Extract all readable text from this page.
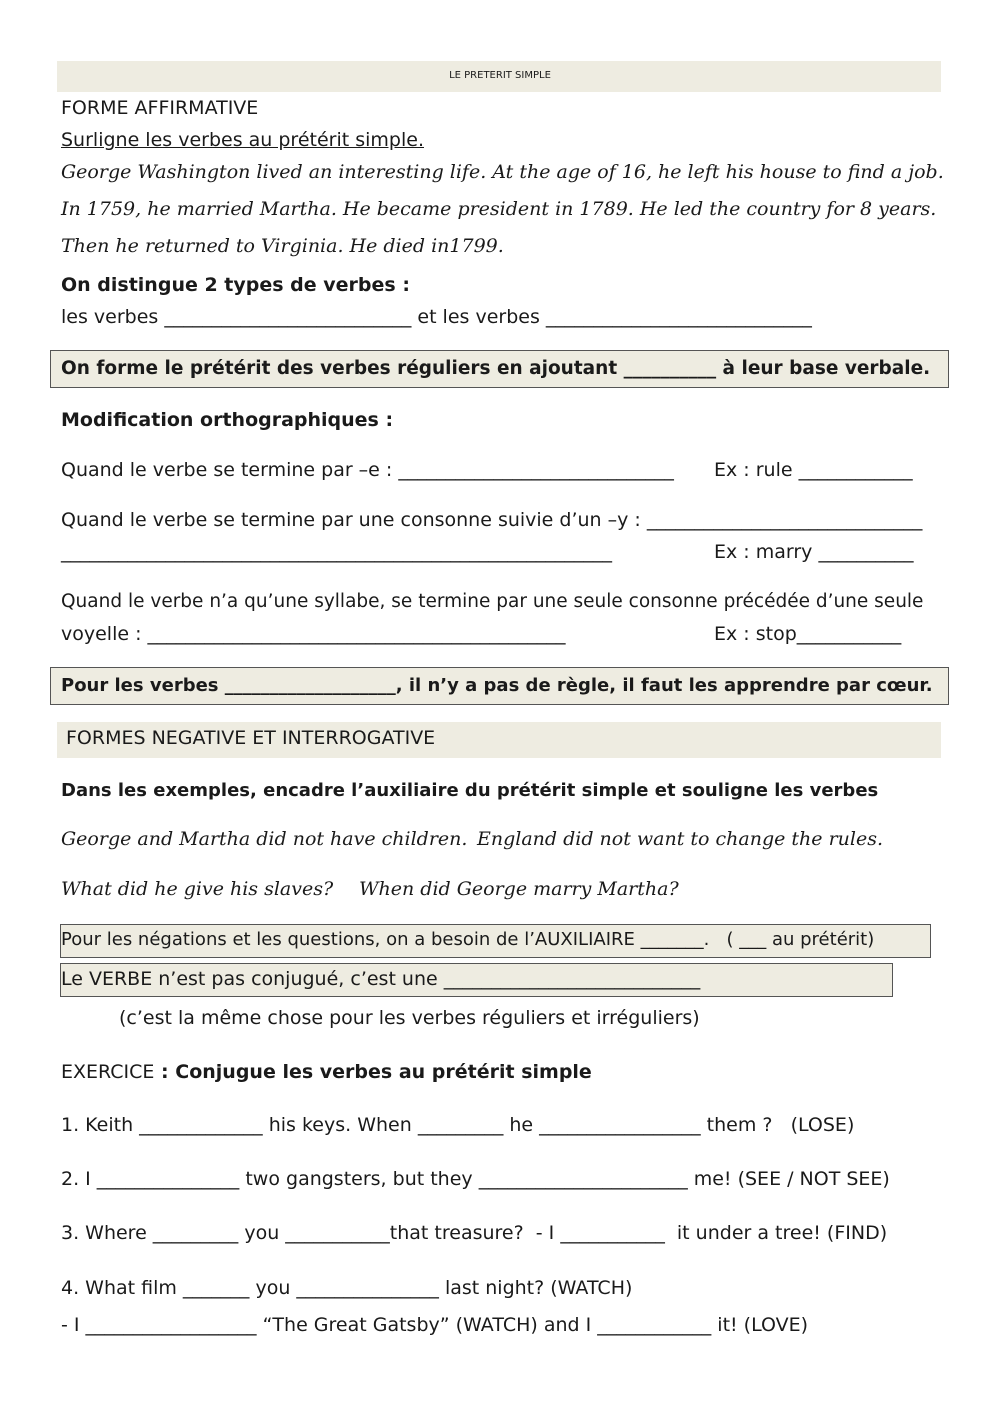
LE PRETERIT SIMPLE
FORME AFFIRMATIVE
Surligne les verbes au prétérit simple.
George Washington lived an interesting life. At the age of 16, he left his house to find a job.
In 1759, he married Martha. He became president in 1789. He led the country for 8 years.
Then he returned to Virginia. He died in1799.
On distingue 2 types de verbes :
les verbes __________________________ et les verbes ____________________________
On forme le prétérit des verbes réguliers en ajoutant __________ à leur base verbale.
Modification orthographiques :
Quand le verbe se termine par –e : _____________________________ Ex : rule ____________
Quand le verbe se termine par une consonne suivie d’un –y : _____________________________
__________________________________________________________	Ex : marry __________
Quand le verbe n’a qu’une syllabe, se termine par une seule consonne précédée d’une seule
voyelle : ____________________________________________	Ex : stop___________
Pour les verbes ___________________, il n’y a pas de règle, il faut les apprendre par cœur.
FORMES NEGATIVE ET INTERROGATIVE
Dans les exemples, encadre l’auxiliaire du prétérit simple et souligne les verbes
George and Martha did not have children. England did not want to change the rules.
What did he give his slaves? When did George marry Martha?
Pour les négations et les questions, on a besoin de l’AUXILIAIRE _______.   ( ___ au prétérit)
Le VERBE n’est pas conjugué, c’est une ___________________________
(c’est la même chose pour les verbes réguliers et irréguliers)
EXERCICE : Conjugue les verbes au prétérit simple
1. Keith _____________ his keys. When _________ he _________________ them ?   (LOSE)
2. I _______________ two gangsters, but they ______________________ me! (SEE / NOT SEE)
3. Where _________ you ___________that treasure?  - I ___________  it under a tree! (FIND)
4. What film _______ you _______________ last night? (WATCH)
- I __________________ “The Great Gatsby” (WATCH) and I ____________ it! (LOVE)
